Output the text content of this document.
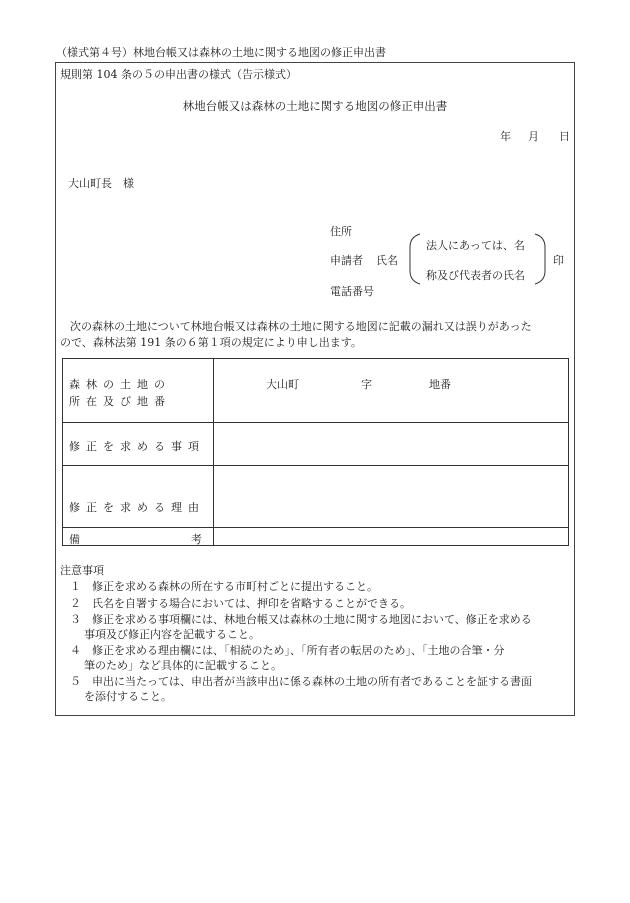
（様式第４号）林地台帳又は森林の土地に関する地図の修正申出書
規則第 104 条の５の申出書の様式（告示様式）
林地台帳又は森林の土地に関する地図の修正申出書
年 月 日
大山町長　様
住所
申請者 氏名
電話番号
法人にあっては、名
称及び代表者の氏名
印
次の森林の土地について林地台帳又は森林の土地に関する地図に記載の漏れ又は誤りがあった
ので、森林法第 191 条の６第１項の規定により申し出ます。
森林の土地の
所在及び地番
大山町	字	地番
修正を求める事項
修正を求める理由
備	考
注意事項
１　修正を求める森林の所在する市町村ごとに提出すること。
２　氏名を自署する場合においては、押印を省略することができる。
３　修正を求める事項欄には、林地台帳又は森林の土地に関する地図において、修正を求める
事項及び修正内容を記載すること。
４　修正を求める理由欄には、「相続のため」、「所有者の転居のため」、「土地の合筆・分
筆のため」など具体的に記載すること。
５　申出に当たっては、申出者が当該申出に係る森林の土地の所有者であることを証する書面
を添付すること。
